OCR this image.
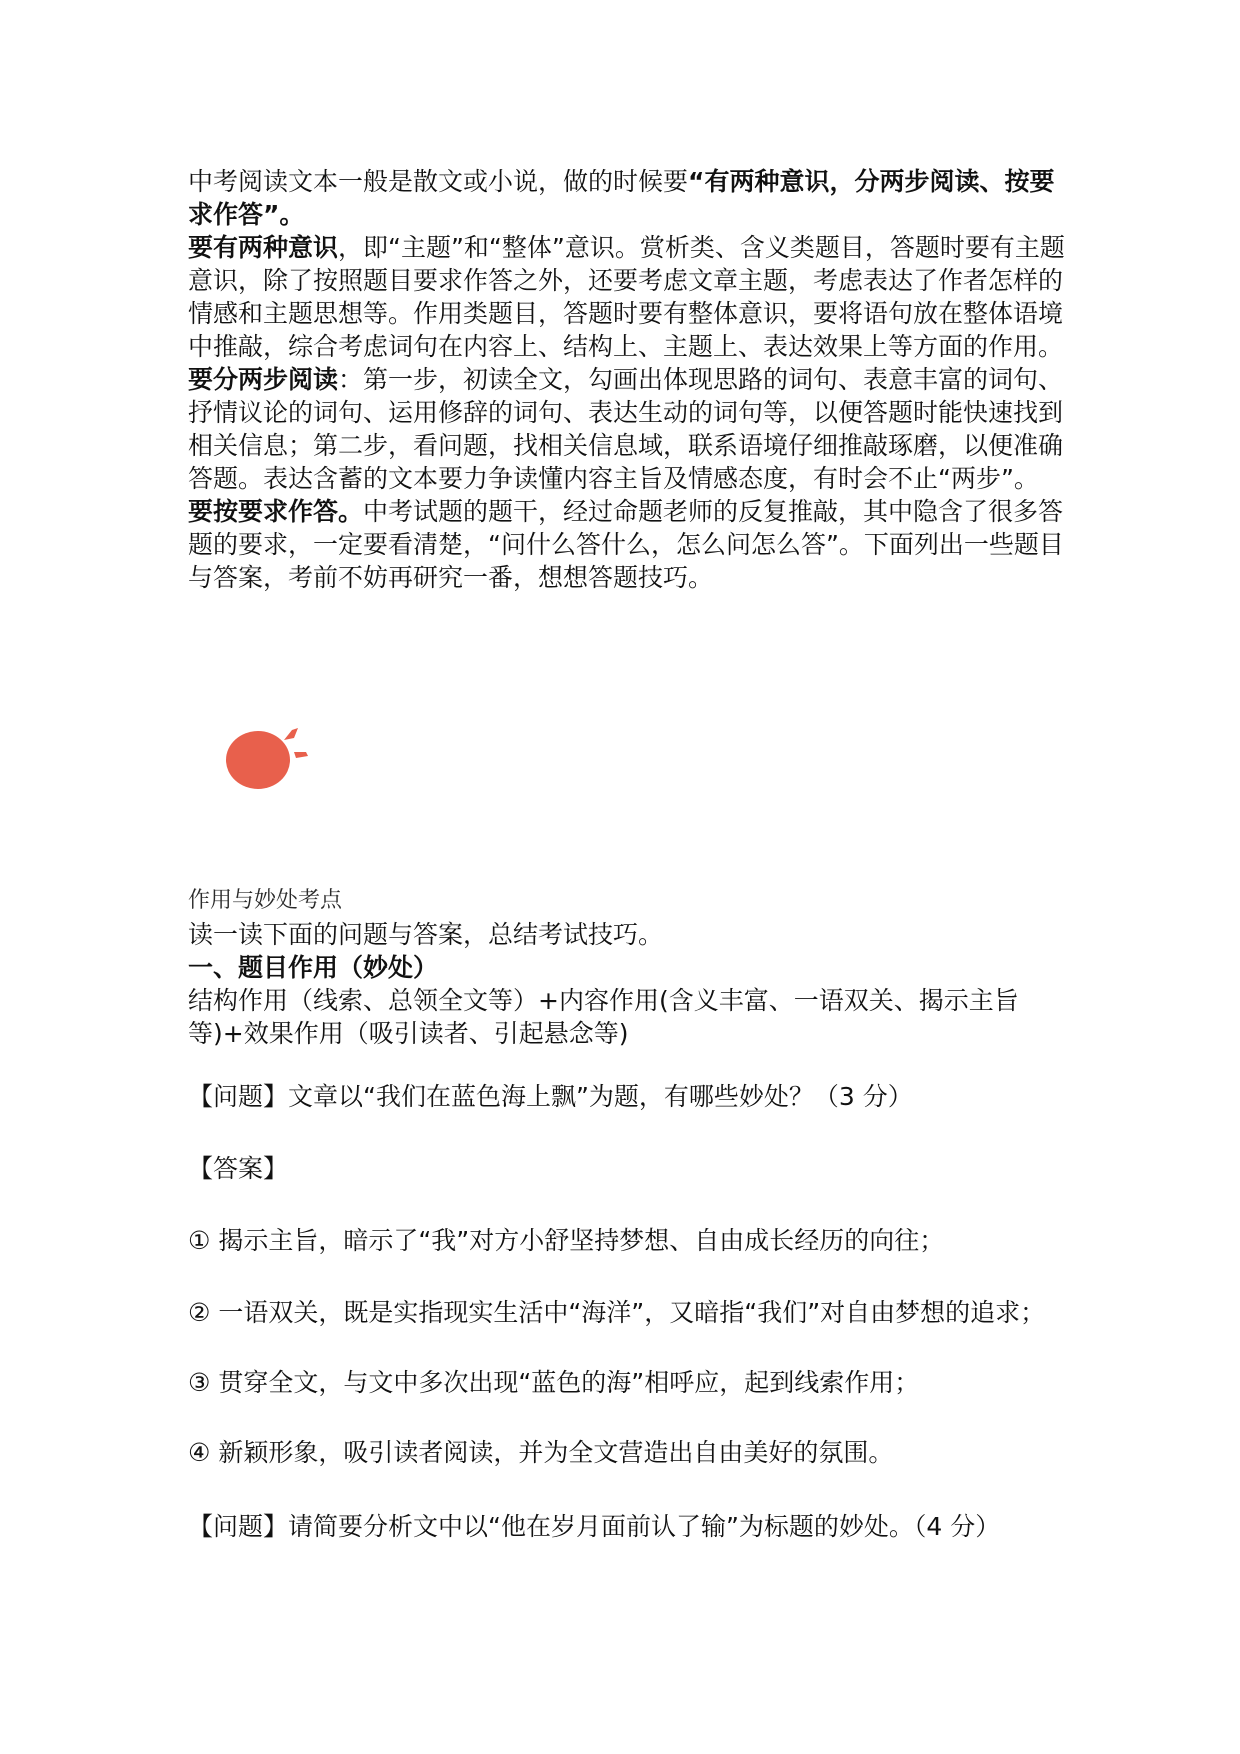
中考阅读文本一般是散文或小说，做的时候要“有两种意识，分两步阅读、按要求作答”。

要有两种意识，即“主题”和“整体”意识。赏析类、含义类题目，答题时要有主题意识，除了按照题目要求作答之外，还要考虑文章主题，考虑表达了作者怎样的情感和主题思想等。作用类题目，答题时要有整体意识，要将语句放在整体语境中推敲，综合考虑词句在内容上、结构上、主题上、表达效果上等方面的作用。

要分两步阅读：第一步，初读全文，勾画出体现思路的词句、表意丰富的词句、抒情议论的词句、运用修辞的词句、表达生动的词句等，以便答题时能快速找到相关信息；第二步，看问题，找相关信息域，联系语境仔细推敲琢磨，以便准确答题。表达含蓄的文本要力争读懂内容主旨及情感态度，有时会不止“两步”。

要按要求作答。中考试题的题干，经过命题老师的反复推敲，其中隐含了很多答题的要求，一定要看清楚，“问什么答什么，怎么问怎么答”。下面列出一些题目与答案，考前不妨再研究一番，想想答题技巧。

作用与妙处考点

读一读下面的问题与答案，总结考试技巧。

一、题目作用（妙处）

结构作用（线索、总领全文等）+内容作用(含义丰富、一语双关、揭示主旨等)+效果作用（吸引读者、引起悬念等)

【问题】文章以“我们在蓝色海上飘”为题，有哪些妙处？（3 分）

【答案】

① 揭示主旨，暗示了“我”对方小舒坚持梦想、自由成长经历的向往；

② 一语双关，既是实指现实生活中“海洋”，又暗指“我们”对自由梦想的追求；

③ 贯穿全文，与文中多次出现“蓝色的海”相呼应，起到线索作用；

④ 新颖形象，吸引读者阅读，并为全文营造出自由美好的氛围。

【问题】请简要分析文中以“他在岁月面前认了输”为标题的妙处。（4 分）
